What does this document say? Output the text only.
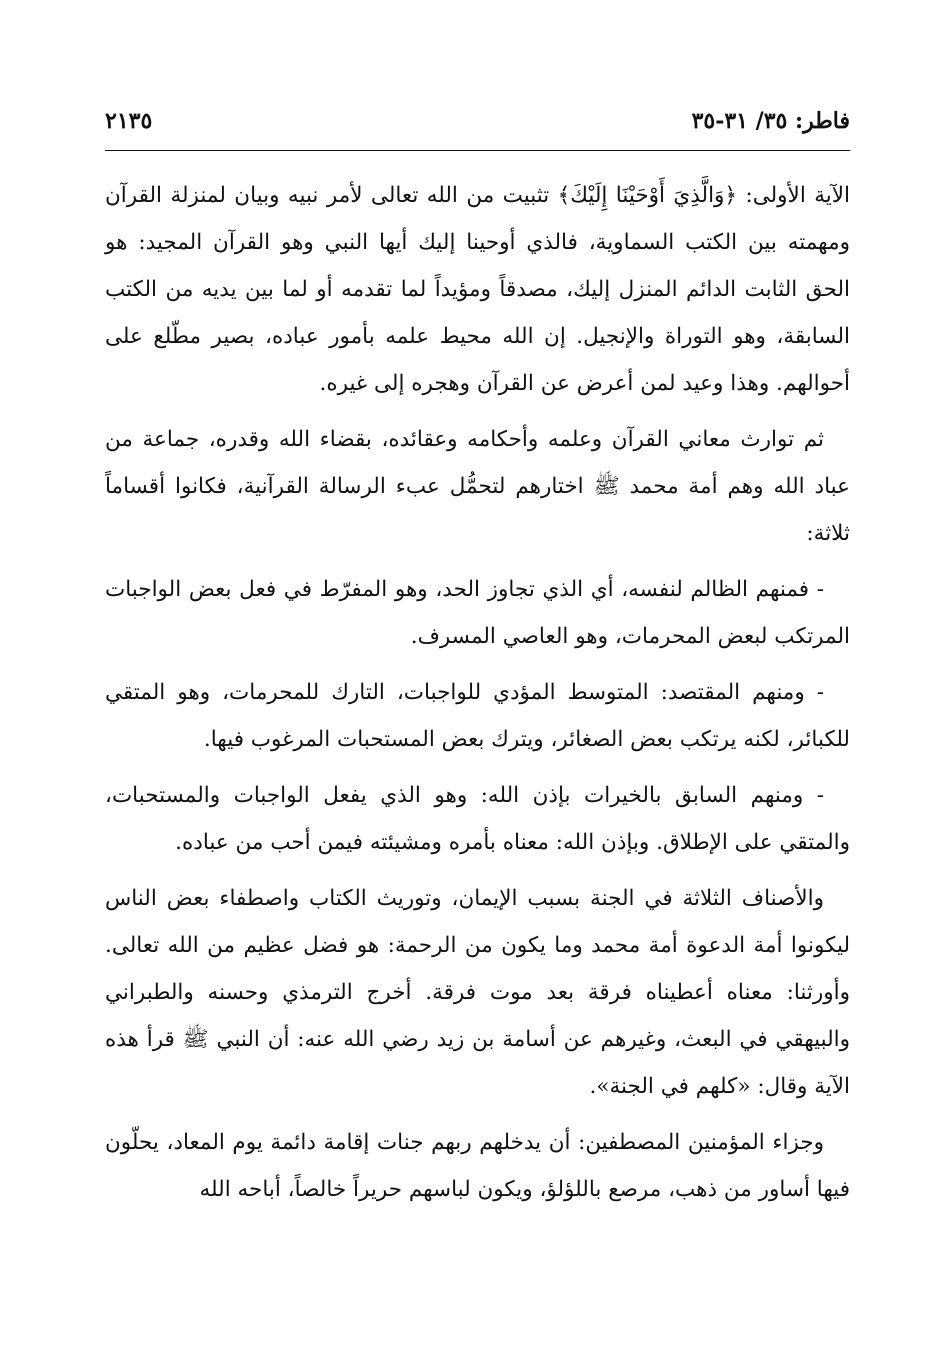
فاطر: ٣٥/ ٣١-٣٥
٢١٣٥

الآية الأولى: ﴿وَالَّذِيَ أَوْحَيْنَا إِلَيْكَ﴾ تثبيت من الله تعالى لأمر نبيه وبيان لمنزلة القرآن ومهمته بين الكتب السماوية، فالذي أوحينا إليك أيها النبي وهو القرآن المجيد: هو الحق الثابت الدائم المنزل إليك، مصدقاً ومؤيداً لما تقدمه أو لما بين يديه من الكتب السابقة، وهو التوراة والإنجيل. إن الله محيط علمه بأمور عباده، بصير مطّلع على أحوالهم. وهذا وعيد لمن أعرض عن القرآن وهجره إلى غيره.

ثم توارث معاني القرآن وعلمه وأحكامه وعقائده، بقضاء الله وقدره، جماعة من عباد الله وهم أمة محمد ﷺ اختارهم لتحمُّل عبء الرسالة القرآنية، فكانوا أقساماً ثلاثة:

- فمنهم الظالم لنفسه، أي الذي تجاوز الحد، وهو المفرّط في فعل بعض الواجبات المرتكب لبعض المحرمات، وهو العاصي المسرف.

- ومنهم المقتصد: المتوسط المؤدي للواجبات، التارك للمحرمات، وهو المتقي للكبائر، لكنه يرتكب بعض الصغائر، ويترك بعض المستحبات المرغوب فيها.

- ومنهم السابق بالخيرات بإذن الله: وهو الذي يفعل الواجبات والمستحبات، والمتقي على الإطلاق. وبإذن الله: معناه بأمره ومشيئته فيمن أحب من عباده.

والأصناف الثلاثة في الجنة بسبب الإيمان، وتوريث الكتاب واصطفاء بعض الناس ليكونوا أمة الدعوة أمة محمد وما يكون من الرحمة: هو فضل عظيم من الله تعالى. وأورثنا: معناه أعطيناه فرقة بعد موت فرقة. أخرج الترمذي وحسنه والطبراني والبيهقي في البعث، وغيرهم عن أسامة بن زيد رضي الله عنه: أن النبي ﷺ قرأ هذه الآية وقال: «كلهم في الجنة».

وجزاء المؤمنين المصطفين: أن يدخلهم ربهم جنات إقامة دائمة يوم المعاد، يحلّون فيها أساور من ذهب، مرصع باللؤلؤ، ويكون لباسهم حريراً خالصاً، أباحه الله
